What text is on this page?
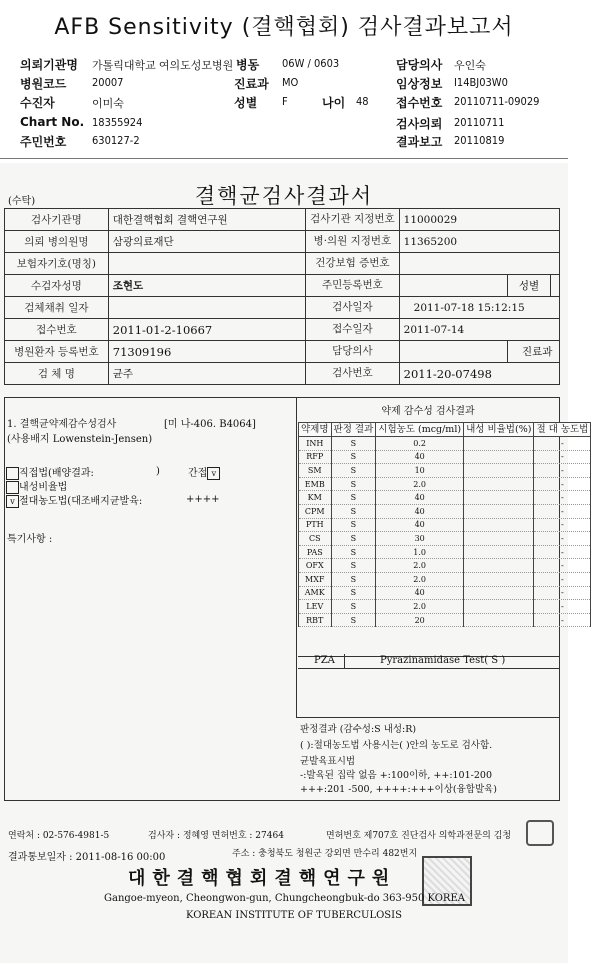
AFB Sensitivity (결핵협회) 검사결과보고서
의뢰기관명 가톨릭대학교 여의도성모병원
병원코드 20007
수진자	이미숙
Chart No. 18355924
주민번호 630127-2
병동 06W / 0603
진료과 MO
성별 F	나이 48
담당의사 우인숙
임상정보 I14BJ03W0
접수번호 20110711-09029
검사의뢰 20110711
결과보고 20110819
(수탁)	결핵균검사결과서
검사기관명	대한결핵협회 결핵연구원	검사기관 지정번호	11000029		
의뢰 병의원명	삼광의료재단	병·의원 지정번호	11365200		
보험자기호(명칭)		건강보험 증번호			
수검자성명	조현도	주민등록번호		성별	
검체채취 일자		검사일자	2011-07-18 15:12:15		
접수번호	2011-01-2-10667	접수일자	2011-07-14		
병원환자 등록번호	71309196	담당의사		진료과	
검 체 명	균주	검사번호	2011-20-07498		
1. 결핵균약제감수성검사	[미 나-406. B4064]
(사용배지 Lowenstein-Jensen)
직접법(배양결과:	)	간접 v
내성비율법
v 절대농도법(대조배지균발육:	++++
특기사항 :
약제 감수성 검사결과
약제명	판정 결과	시험농도 (mcg/ml)	내성 비율법(%)	절 대 농도법
INH	S	0.2		-
RFP	S	40		-
SM	S	10		-
EMB	S	2.0		-
KM	S	40		-
CPM	S	40		-
PTH	S	40		-
CS	S	30		-
PAS	S	1.0		-
OFX	S	2.0		-
MXF	S	2.0		-
AMK	S	40		-
LEV	S	2.0		-
RBT	S	20		-
PZA	Pyrazinamidase Test( S )
판정결과 (감수성:S 내성:R)
( ):절대농도법 사용시는( )안의 농도로 검사함.
균발육표시법
-:발육된 집락 없음 +:100이하, ++:101-200
+++:201 -500, ++++:+++이상(융합발육)
연락처 : 02-576-4981-5	검사자 : 정혜영 면허번호 : 27464	면허번호 제707호 진단검사 의학과전문의 김청
결과통보일자 : 2011-08-16 00:00	주소 : 충청북도 청원군 강외면 만수리 482번지
대한결핵협회결핵연구원
Gangoe-myeon, Cheongwon-gun, Chungcheongbuk-do 363-950 KOREA
KOREAN INSTITUTE OF TUBERCULOSIS
